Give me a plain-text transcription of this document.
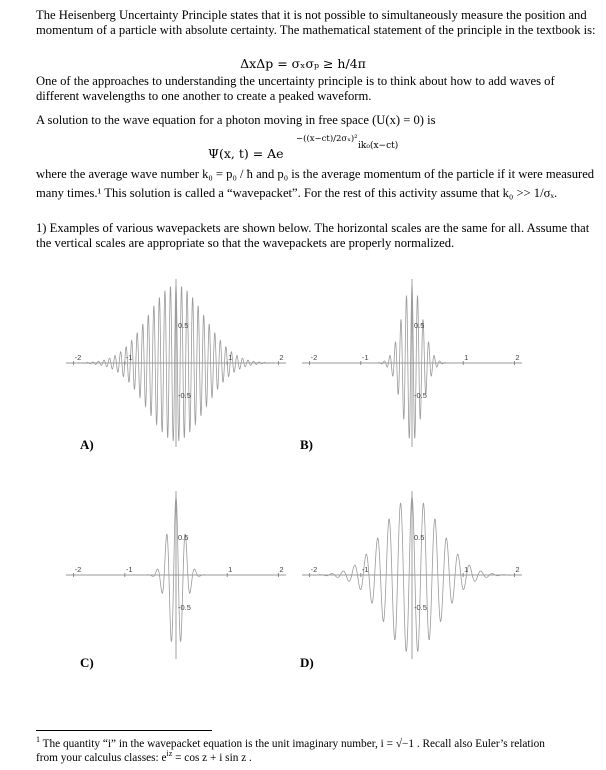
The Heisenberg Uncertainty Principle states that it is not possible to simultaneously measure the position and momentum of a particle with absolute certainty. The mathematical statement of the principle in the textbook is:
ΔxΔp = σₓσₚ ≥ h/4π
One of the approaches to understanding the uncertainty principle is to think about how to add waves of different wavelengths to one another to create a peaked waveform.
A solution to the wave equation for a photon moving in free space (U(x) = 0) is
Ψ(x, t) = Ae
−((x−ct)/2σₓ)²
ik₀(x−ct)
where the average wave number k₀ = p₀ / ħ and p₀ is the average momentum of the particle if it were measured many times.¹ This solution is called a “wavepacket”. For the rest of this activity assume that k₀ >> 1/σₓ.
1) Examples of various wavepackets are shown below. The horizontal scales are the same for all. Assume that the vertical scales are appropriate so that the wavepackets are properly normalized.
-2	-1	1	2
0.5
-0.5
A)
-2	-1	1	2
0.5
-0.5
B)
-2	-1	1	2
0.5
-0.5
C)
-2	-1	1	2
0.5
-0.5
D)
$^1$ The quantity “i” in the wavepacket equation is the unit imaginary number, i = √−1 . Recall also Euler’s relation
from your calculus classes: $e^{iz} = \cos z + i$ sin z .
